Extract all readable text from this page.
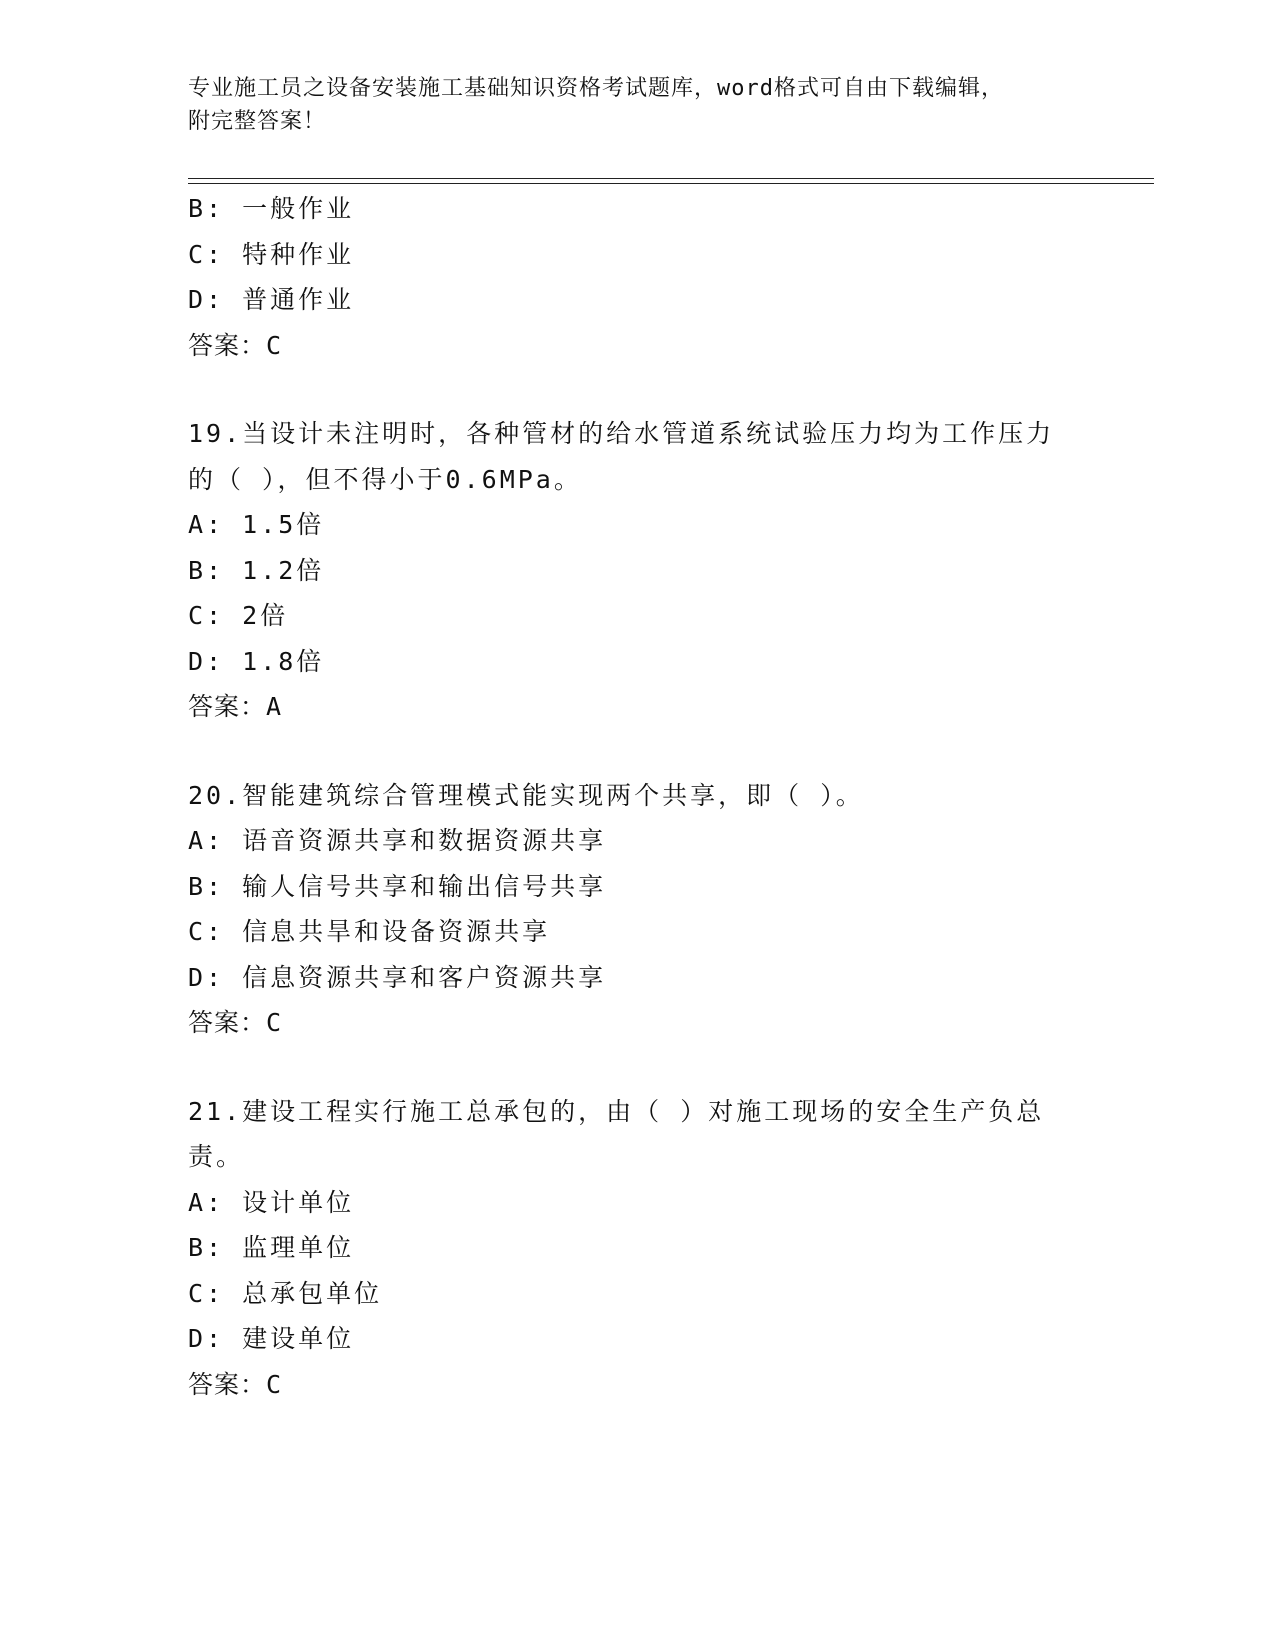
专业施工员之设备安装施工基础知识资格考试题库，word格式可自由下载编辑，
附完整答案！
B: 一般作业
C: 特种作业
D: 普通作业
答案：C
19.当设计未注明时，各种管材的给水管道系统试验压力均为工作压力
的（ ），但不得小于0.6MPa。
A: 1.5倍
B: 1.2倍
C: 2倍
D: 1.8倍
答案：A
20.智能建筑综合管理模式能实现两个共享，即（ ）。
A: 语音资源共享和数据资源共享
B: 输人信号共享和输出信号共享
C: 信息共旱和设备资源共享
D: 信息资源共享和客户资源共享
答案：C
21.建设工程实行施工总承包的，由（ ）对施工现场的安全生产负总
责。
A: 设计单位
B: 监理单位
C: 总承包单位
D: 建设单位
答案：C
